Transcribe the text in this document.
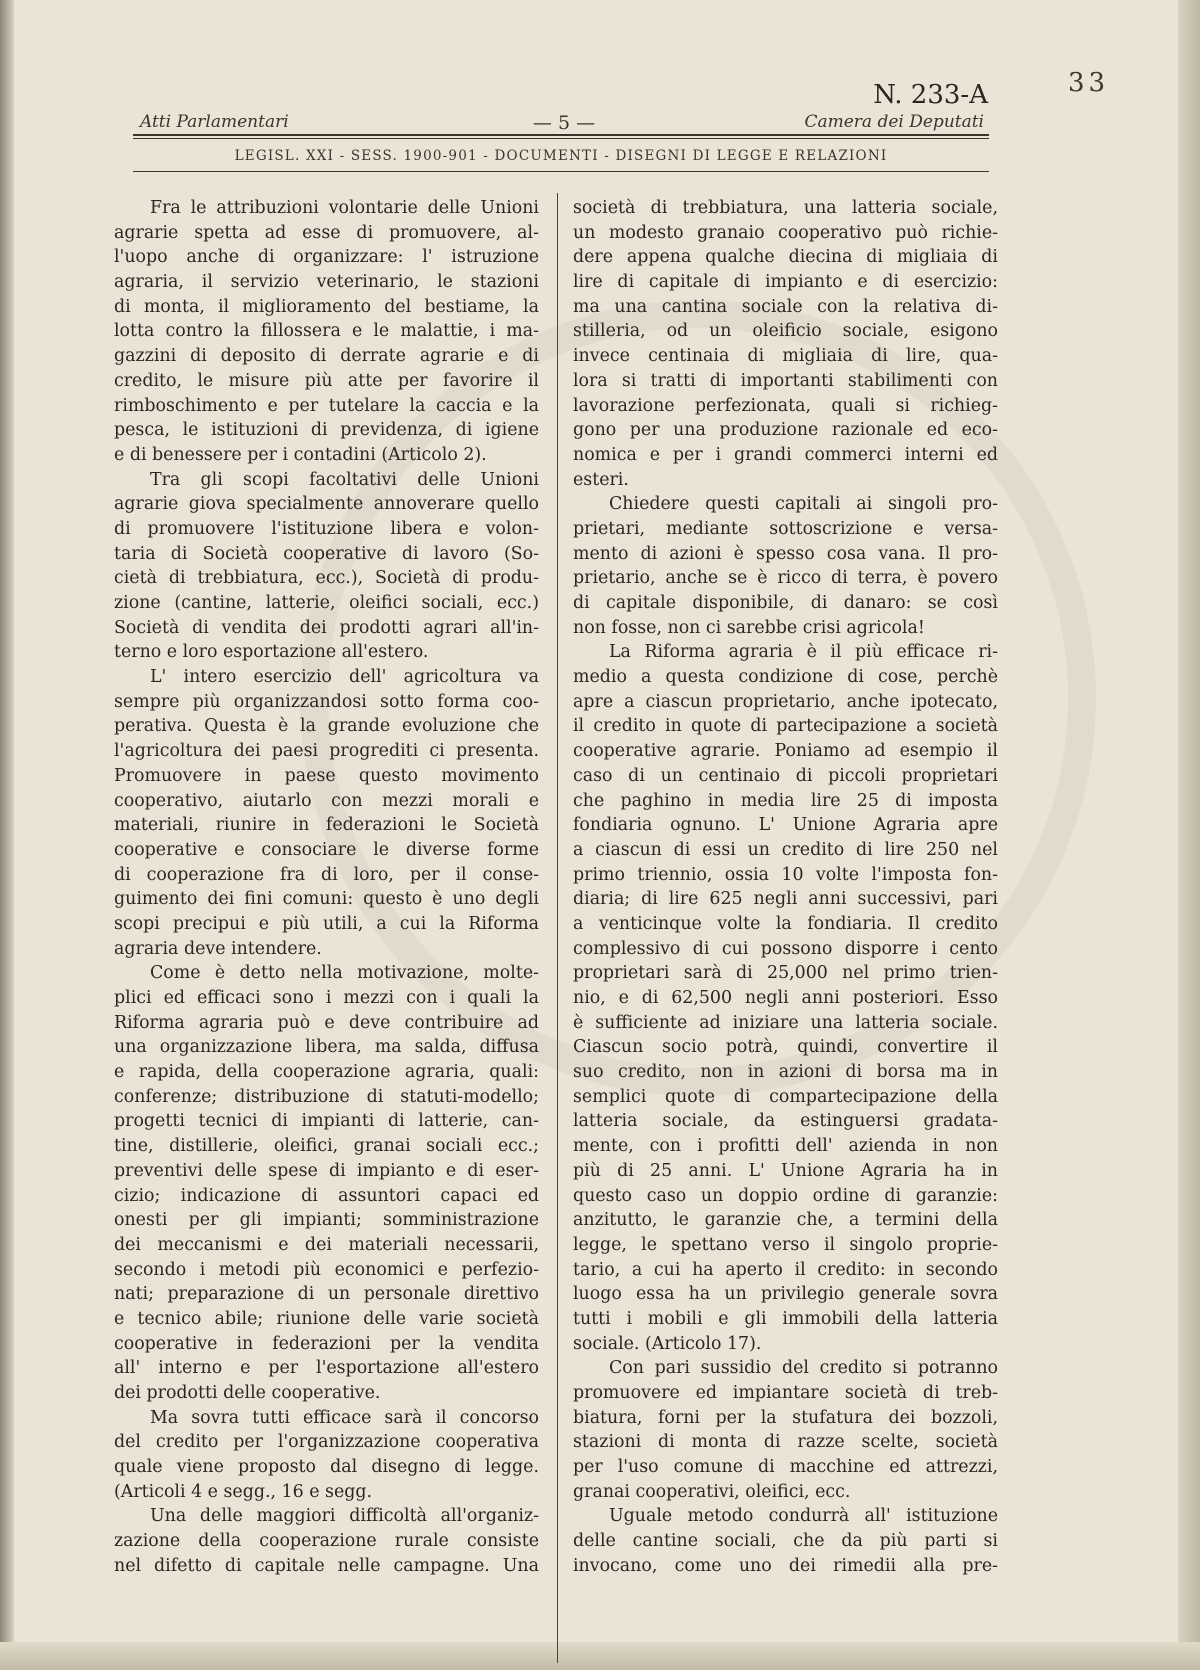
33
N. 233-A
Atti Parlamentari	— 5 —	Camera dei Deputati
LEGISL. XXI - SESS. 1900-901 - DOCUMENTI - DISEGNI DI LEGGE E RELAZIONI
Fra le attribuzioni volontarie delle Unioni
agrarie spetta ad esse di promuovere, al-
l'uopo anche di organizzare: l' istruzione
agraria, il servizio veterinario, le stazioni
di monta, il miglioramento del bestiame, la
lotta contro la fillossera e le malattie, i ma-
gazzini di deposito di derrate agrarie e di
credito, le misure più atte per favorire il
rimboschimento e per tutelare la caccia e la
pesca, le istituzioni di previdenza, di igiene
e di benessere per i contadini (Articolo 2).
Tra gli scopi facoltativi delle Unioni
agrarie giova specialmente annoverare quello
di promuovere l'istituzione libera e volon-
taria di Società cooperative di lavoro (So-
cietà di trebbiatura, ecc.), Società di produ-
zione (cantine, latterie, oleifici sociali, ecc.)
Società di vendita dei prodotti agrari all'in-
terno e loro esportazione all'estero.
L' intero esercizio dell' agricoltura va
sempre più organizzandosi sotto forma coo-
perativa. Questa è la grande evoluzione che
l'agricoltura dei paesi progrediti ci presenta.
Promuovere in paese questo movimento
cooperativo, aiutarlo con mezzi morali e
materiali, riunire in federazioni le Società
cooperative e consociare le diverse forme
di cooperazione fra di loro, per il conse-
guimento dei fini comuni: questo è uno degli
scopi precipui e più utili, a cui la Riforma
agraria deve intendere.
Come è detto nella motivazione, molte-
plici ed efficaci sono i mezzi con i quali la
Riforma agraria può e deve contribuire ad
una organizzazione libera, ma salda, diffusa
e rapida, della cooperazione agraria, quali:
conferenze; distribuzione di statuti-modello;
progetti tecnici di impianti di latterie, can-
tine, distillerie, oleifici, granai sociali ecc.;
preventivi delle spese di impianto e di eser-
cizio; indicazione di assuntori capaci ed
onesti per gli impianti; somministrazione
dei meccanismi e dei materiali necessarii,
secondo i metodi più economici e perfezio-
nati; preparazione di un personale direttivo
e tecnico abile; riunione delle varie società
cooperative in federazioni per la vendita
all' interno e per l'esportazione all'estero
dei prodotti delle cooperative.
Ma sovra tutti efficace sarà il concorso
del credito per l'organizzazione cooperativa
quale viene proposto dal disegno di legge.
(Articoli 4 e segg., 16 e segg.
Una delle maggiori difficoltà all'organiz-
zazione della cooperazione rurale consiste
nel difetto di capitale nelle campagne. Una
società di trebbiatura, una latteria sociale,
un modesto granaio cooperativo può richie-
dere appena qualche diecina di migliaia di
lire di capitale di impianto e di esercizio:
ma una cantina sociale con la relativa di-
stilleria, od un oleificio sociale, esigono
invece centinaia di migliaia di lire, qua-
lora si tratti di importanti stabilimenti con
lavorazione perfezionata, quali si richieg-
gono per una produzione razionale ed eco-
nomica e per i grandi commerci interni ed
esteri.
Chiedere questi capitali ai singoli pro-
prietari, mediante sottoscrizione e versa-
mento di azioni è spesso cosa vana. Il pro-
prietario, anche se è ricco di terra, è povero
di capitale disponibile, di danaro: se così
non fosse, non ci sarebbe crisi agricola!
La Riforma agraria è il più efficace ri-
medio a questa condizione di cose, perchè
apre a ciascun proprietario, anche ipotecato,
il credito in quote di partecipazione a società
cooperative agrarie. Poniamo ad esempio il
caso di un centinaio di piccoli proprietari
che paghino in media lire 25 di imposta
fondiaria ognuno. L' Unione Agraria apre
a ciascun di essi un credito di lire 250 nel
primo triennio, ossia 10 volte l'imposta fon-
diaria; di lire 625 negli anni successivi, pari
a venticinque volte la fondiaria. Il credito
complessivo di cui possono disporre i cento
proprietari sarà di 25,000 nel primo trien-
nio, e di 62,500 negli anni posteriori. Esso
è sufficiente ad iniziare una latteria sociale.
Ciascun socio potrà, quindi, convertire il
suo credito, non in azioni di borsa ma in
semplici quote di compartecipazione della
latteria sociale, da estinguersi gradata-
mente, con i profitti dell' azienda in non
più di 25 anni. L' Unione Agraria ha in
questo caso un doppio ordine di garanzie:
anzitutto, le garanzie che, a termini della
legge, le spettano verso il singolo proprie-
tario, a cui ha aperto il credito: in secondo
luogo essa ha un privilegio generale sovra
tutti i mobili e gli immobili della latteria
sociale. (Articolo 17).
Con pari sussidio del credito si potranno
promuovere ed impiantare società di treb-
biatura, forni per la stufatura dei bozzoli,
stazioni di monta di razze scelte, società
per l'uso comune di macchine ed attrezzi,
granai cooperativi, oleifici, ecc.
Uguale metodo condurrà all' istituzione
delle cantine sociali, che da più parti si
invocano, come uno dei rimedii alla pre-
